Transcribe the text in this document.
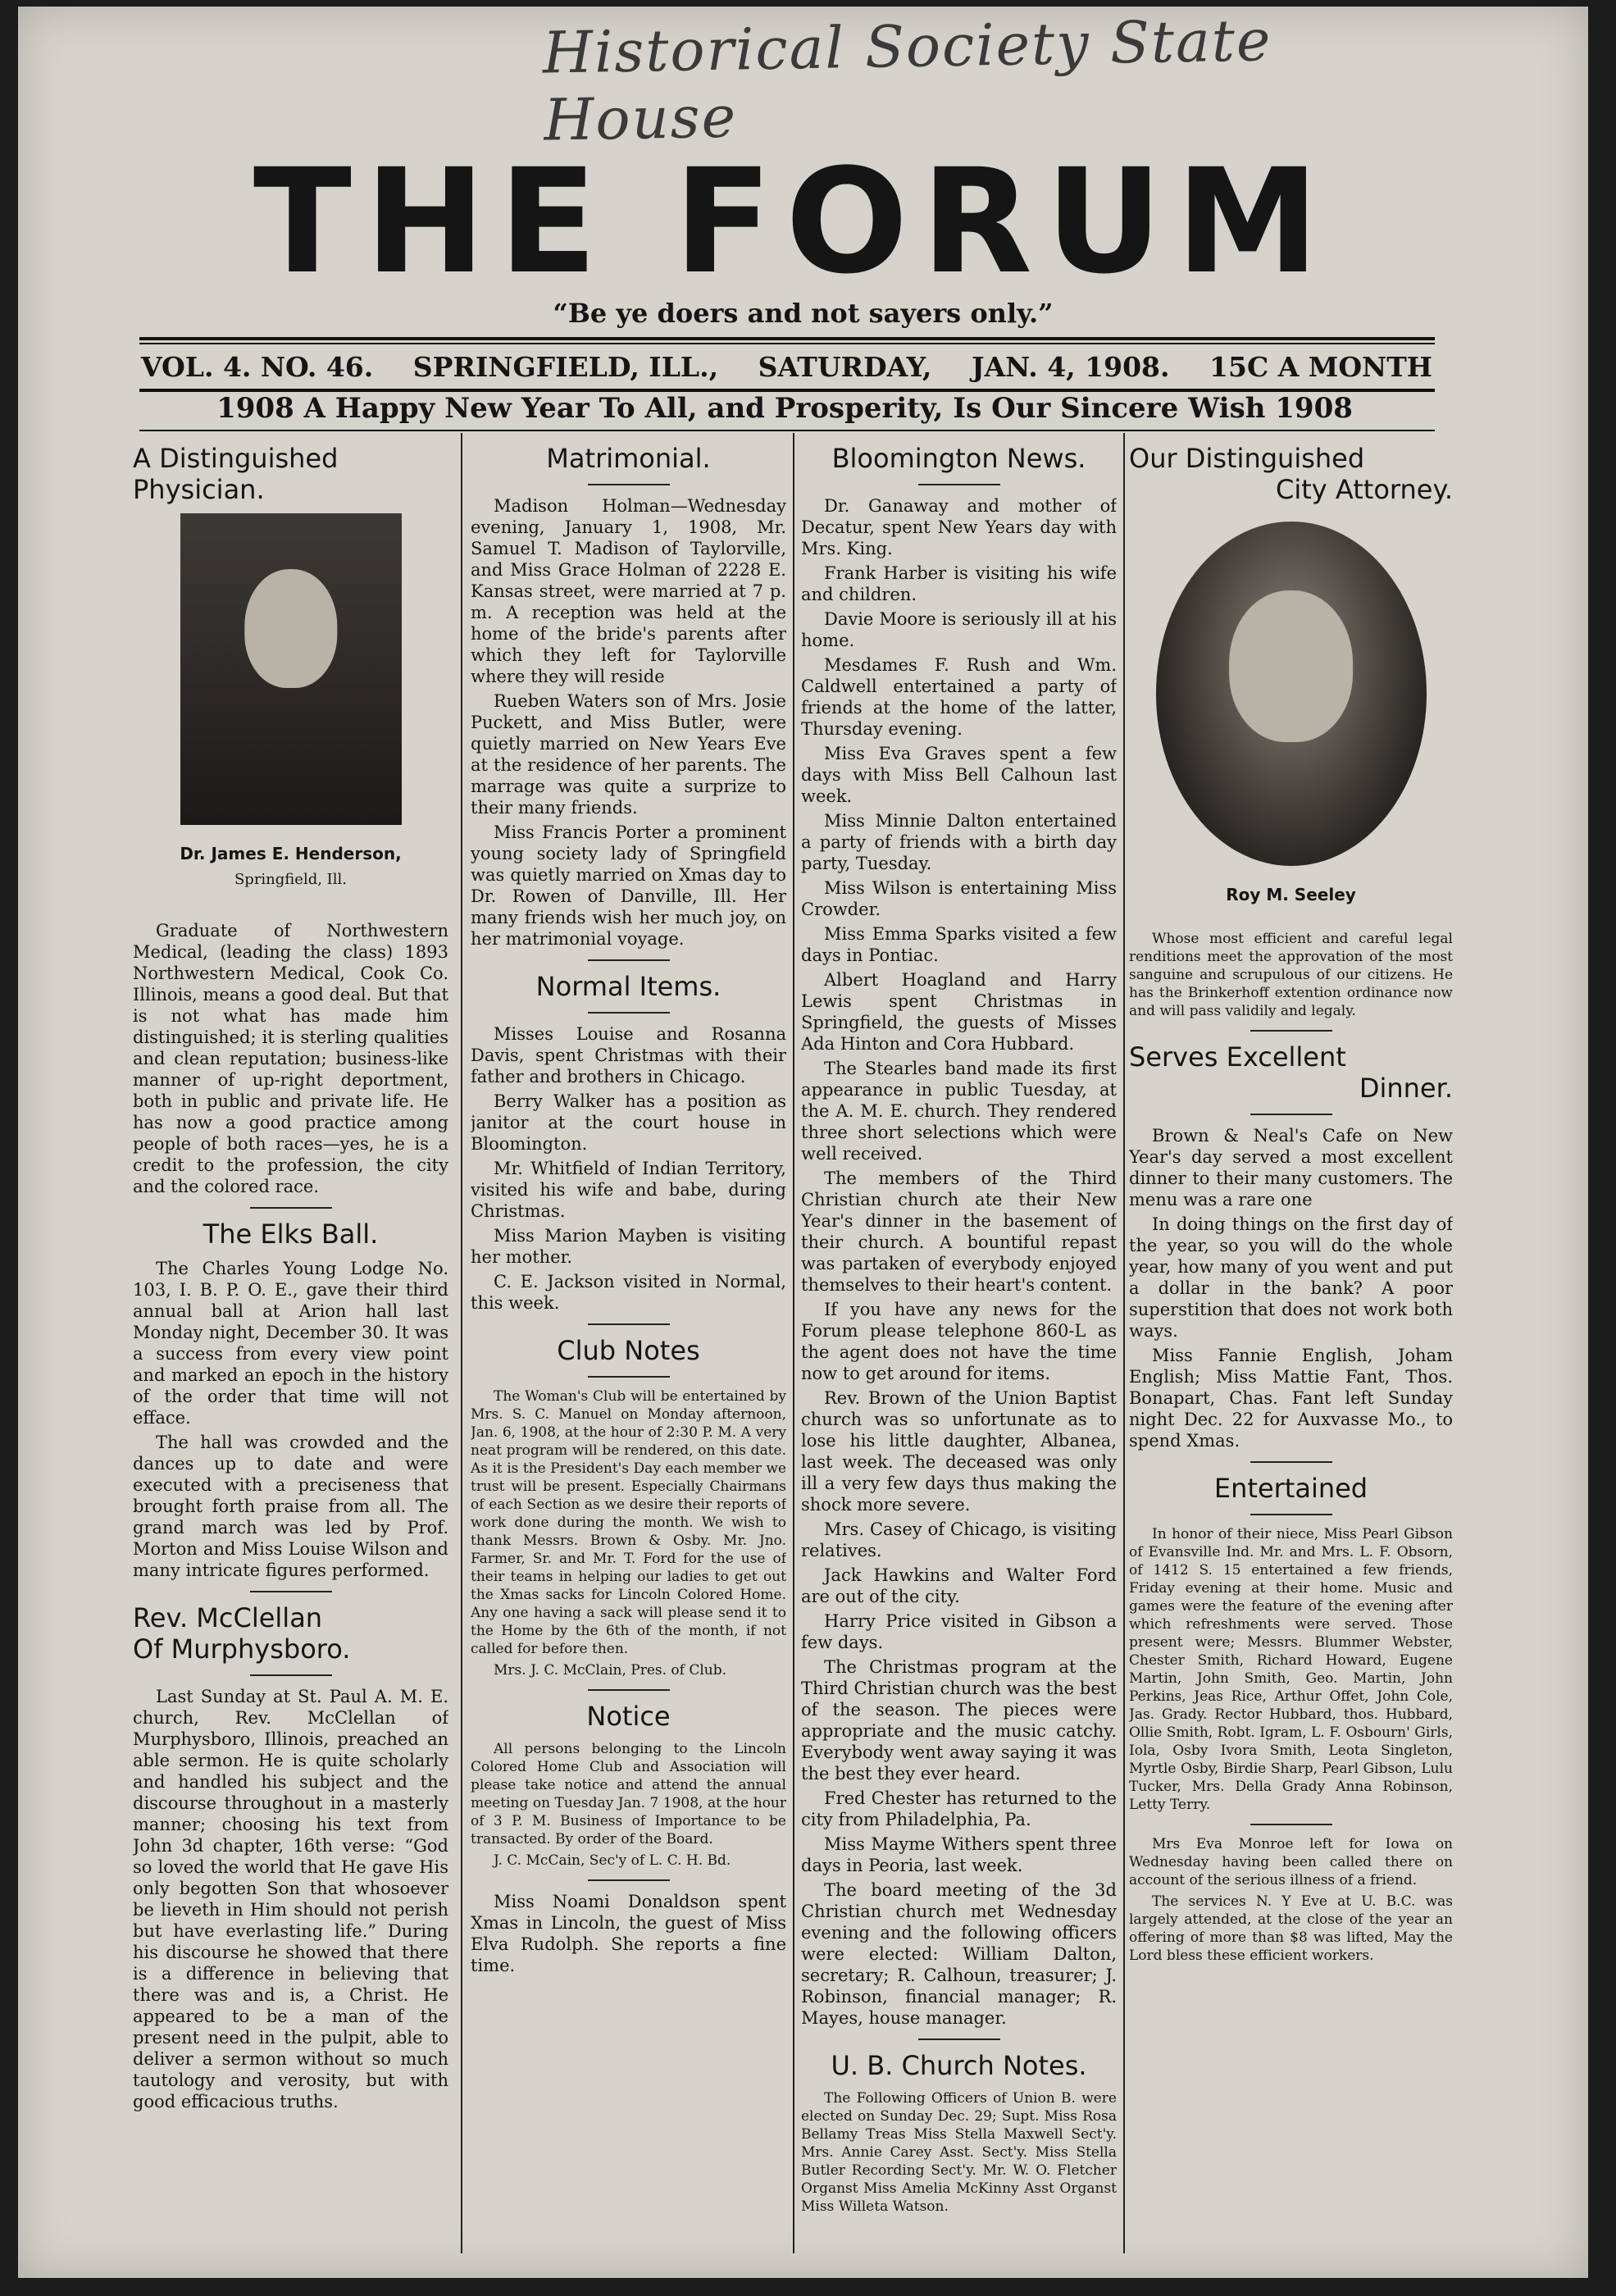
Historical Society State House
THE FORUM
“Be ye doers and not sayers only.”
VOL. 4. NO. 46. SPRINGFIELD, ILL., SATURDAY, JAN. 4, 1908. 15C A MONTH
1908 A Happy New Year To All, and Prosperity, Is Our Sincere Wish 1908
A Distinguished Physician.
Dr. James E. Henderson,
Springfield, Ill.

Graduate of Northwestern Medical, (leading the class) 1893 Northwestern Medical, Cook Co. Illinois, means a good deal. But that is not what has made him distinguished; it is sterling qualities and clean reputation; business-like manner of up-right deportment, both in public and private life. He has now a good practice among people of both races—yes, he is a credit to the profession, the city and the colored race.

The Elks Ball.

The Charles Young Lodge No. 103, I. B. P. O. E., gave their third annual ball at Arion hall last Monday night, December 30. It was a success from every view point and marked an epoch in the history of the order that time will not efface.

The hall was crowded and the dances up to date and were executed with a preciseness that brought forth praise from all. The grand march was led by Prof. Morton and Miss Louise Wilson and many intricate figures performed.

Rev. McClellan
Of Murphysboro.

Last Sunday at St. Paul A. M. E. church, Rev. McClellan of Murphysboro, Illinois, preached an able sermon. He is quite scholarly and handled his subject and the discourse throughout in a masterly manner; choosing his text from John 3d chapter, 16th verse: “God so loved the world that He gave His only begotten Son that whosoever be lieveth in Him should not perish but have everlasting life.” During his discourse he showed that there is a difference in believing that there was and is, a Christ. He appeared to be a man of the present need in the pulpit, able to deliver a sermon without so much tautology and verosity, but with good efficacious truths.

Matrimonial.

Madison Holman—Wednesday evening, January 1, 1908, Mr. Samuel T. Madison of Taylorville, and Miss Grace Holman of 2228 E. Kansas street, were married at 7 p. m. A reception was held at the home of the bride's parents after which they left for Taylorville where they will reside

Rueben Waters son of Mrs. Josie Puckett, and Miss Butler, were quietly married on New Years Eve at the residence of her parents. The marrage was quite a surprize to their many friends.

Miss Francis Porter a prominent young society lady of Springfield was quietly married on Xmas day to Dr. Rowen of Danville, Ill. Her many friends wish her much joy, on her matrimonial voyage.

Normal Items.

Misses Louise and Rosanna Davis, spent Christmas with their father and brothers in Chicago.

Berry Walker has a position as janitor at the court house in Bloomington.

Mr. Whitfield of Indian Territory, visited his wife and babe, during Christmas.

Miss Marion Mayben is visiting her mother.

C. E. Jackson visited in Normal, this week.

Club Notes

The Woman's Club will be entertained by Mrs. S. C. Manuel on Monday afternoon, Jan. 6, 1908, at the hour of 2:30 P. M. A very neat program will be rendered, on this date. As it is the President's Day each member we trust will be present. Especially Chairmans of each Section as we desire their reports of work done during the month. We wish to thank Messrs. Brown & Osby. Mr. Jno. Farmer, Sr. and Mr. T. Ford for the use of their teams in helping our ladies to get out the Xmas sacks for Lincoln Colored Home. Any one having a sack will please send it to the Home by the 6th of the month, if not called for before then.

Mrs. J. C. McClain, Pres. of Club.

Notice

All persons belonging to the Lincoln Colored Home Club and Association will please take notice and attend the annual meeting on Tuesday Jan. 7 1908, at the hour of 3 P. M. Business of Importance to be transacted. By order of the Board.

J. C. McCain, Sec'y of L. C. H. Bd.

Miss Noami Donaldson spent Xmas in Lincoln, the guest of Miss Elva Rudolph. She reports a fine time.

Bloomington News.

Dr. Ganaway and mother of Decatur, spent New Years day with Mrs. King.

Frank Harber is visiting his wife and children.

Davie Moore is seriously ill at his home.

Mesdames F. Rush and Wm. Caldwell entertained a party of friends at the home of the latter, Thursday evening.

Miss Eva Graves spent a few days with Miss Bell Calhoun last week.

Miss Minnie Dalton entertained a party of friends with a birth day party, Tuesday.

Miss Wilson is entertaining Miss Crowder.

Miss Emma Sparks visited a few days in Pontiac.

Albert Hoagland and Harry Lewis spent Christmas in Springfield, the guests of Misses Ada Hinton and Cora Hubbard.

The Stearles band made its first appearance in public Tuesday, at the A. M. E. church. They rendered three short selections which were well received.

The members of the Third Christian church ate their New Year's dinner in the basement of their church. A bountiful repast was partaken of everybody enjoyed themselves to their heart's content.

If you have any news for the Forum please telephone 860-L as the agent does not have the time now to get around for items.

Rev. Brown of the Union Baptist church was so unfortunate as to lose his little daughter, Albanea, last week. The deceased was only ill a very few days thus making the shock more severe.

Mrs. Casey of Chicago, is visiting relatives.

Jack Hawkins and Walter Ford are out of the city.

Harry Price visited in Gibson a few days.

The Christmas program at the Third Christian church was the best of the season. The pieces were appropriate and the music catchy. Everybody went away saying it was the best they ever heard.

Fred Chester has returned to the city from Philadelphia, Pa.

Miss Mayme Withers spent three days in Peoria, last week.

The board meeting of the 3d Christian church met Wednesday evening and the following officers were elected: William Dalton, secretary; R. Calhoun, treasurer; J. Robinson, financial manager; R. Mayes, house manager.

U. B. Church Notes.

The Following Officers of Union B. were elected on Sunday Dec. 29; Supt. Miss Rosa Bellamy Treas Miss Stella Maxwell Sect'y. Mrs. Annie Carey Asst. Sect'y. Miss Stella Butler Recording Sect'y. Mr. W. O. Fletcher Organst Miss Amelia McKinny Asst Organst Miss Willeta Watson.

Our Distinguished
City Attorney.
Roy M. Seeley

Whose most efficient and careful legal renditions meet the approvation of the most sanguine and scrupulous of our citizens. He has the Brinkerhoff extention ordinance now and will pass validily and legaly.

Serves Excellent
Dinner.

Brown & Neal's Cafe on New Year's day served a most excellent dinner to their many customers. The menu was a rare one

In doing things on the first day of the year, so you will do the whole year, how many of you went and put a dollar in the bank? A poor superstition that does not work both ways.

Miss Fannie English, Joham English; Miss Mattie Fant, Thos. Bonapart, Chas. Fant left Sunday night Dec. 22 for Auxvasse Mo., to spend Xmas.

Entertained

In honor of their niece, Miss Pearl Gibson of Evansville Ind. Mr. and Mrs. L. F. Obsorn, of 1412 S. 15 entertained a few friends, Friday evening at their home. Music and games were the feature of the evening after which refreshments were served. Those present were; Messrs. Blummer Webster, Chester Smith, Richard Howard, Eugene Martin, John Smith, Geo. Martin, John Perkins, Jeas Rice, Arthur Offet, John Cole, Jas. Grady. Rector Hubbard, thos. Hubbard, Ollie Smith, Robt. Igram, L. F. Osbourn' Girls, Iola, Osby Ivora Smith, Leota Singleton, Myrtle Osby, Birdie Sharp, Pearl Gibson, Lulu Tucker, Mrs. Della Grady Anna Robinson, Letty Terry.

Mrs Eva Monroe left for Iowa on Wednesday having been called there on account of the serious illness of a friend.

The services N. Y Eve at U. B.C. was largely attended, at the close of the year an offering of more than $8 was lifted, May the Lord bless these efficient workers.
